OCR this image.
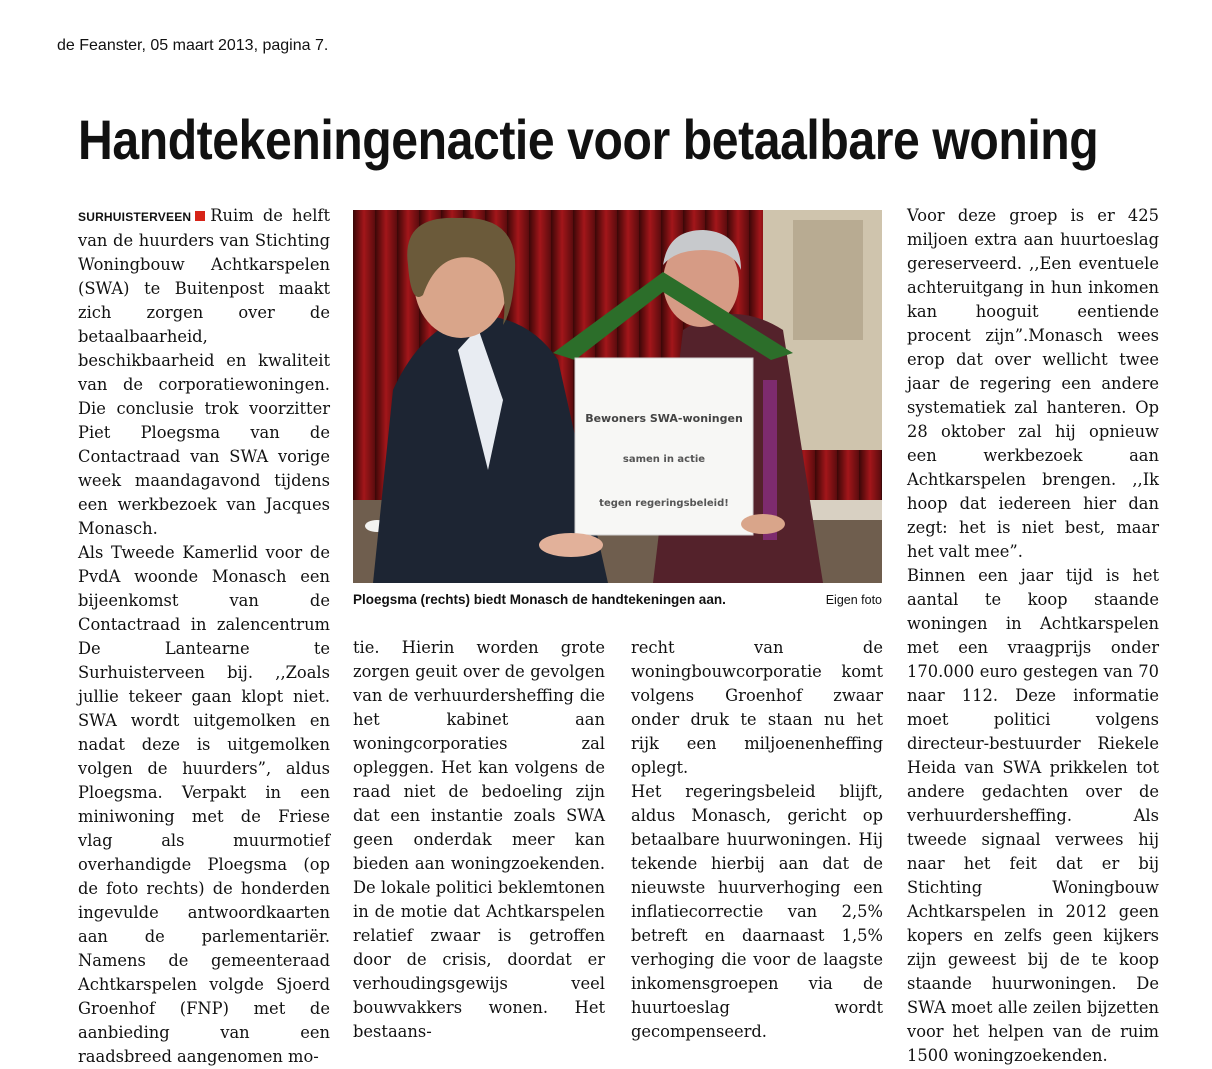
de Feanster, 05 maart 2013, pagina 7.
Handtekeningenactie voor betaalbare woning

SURHUISTERVEEN Ruim de helft van de huurders van Stichting Woningbouw Achtkarspelen (SWA) te Buitenpost maakt zich zorgen over de betaalbaarheid, beschikbaarheid en kwaliteit van de corporatiewoningen. Die conclusie trok voorzitter Piet Ploegsma van de Contactraad van SWA vorige week maandagavond tijdens een werkbezoek van Jacques Monasch.

Als Tweede Kamerlid voor de PvdA woonde Monasch een bijeenkomst van de Contactraad in zalencentrum De Lantearne te Surhuisterveen bij. ,,Zoals jullie tekeer gaan klopt niet. SWA wordt uitgemolken en nadat deze is uitgemolken volgen de huurders”, aldus Ploegsma. Verpakt in een miniwoning met de Friese vlag als muurmotief overhandigde Ploegsma (op de foto rechts) de honderden ingevulde antwoordkaarten aan de parlementariër. Namens de gemeenteraad Achtkarspelen volgde Sjoerd Groenhof (FNP) met de aanbieding van een raadsbreed aangenomen mo-

Bewoners SWA-woningen
samen in actie
tegen regeringsbeleid!
Ploegsma (rechts) biedt Monasch de handtekeningen aan.	Eigen foto

tie. Hierin worden grote zorgen geuit over de gevolgen van de verhuurdersheffing die het kabinet aan woningcorporaties zal opleggen. Het kan volgens de raad niet de bedoeling zijn dat een instantie zoals SWA geen onderdak meer kan bieden aan woningzoekenden. De lokale politici beklemtonen in de motie dat Achtkarspelen relatief zwaar is getroffen door de crisis, doordat er verhoudingsgewijs veel bouwvakkers wonen. Het bestaans-

recht van de woningbouwcorporatie komt volgens Groenhof zwaar onder druk te staan nu het rijk een miljoenenheffing oplegt.

Het regeringsbeleid blijft, aldus Monasch, gericht op betaalbare huurwoningen. Hij tekende hierbij aan dat de nieuwste huurverhoging een inflatiecorrectie van 2,5% betreft en daarnaast 1,5% verhoging die voor de laagste inkomensgroepen via de huurtoeslag wordt gecompenseerd.

Voor deze groep is er 425 miljoen extra aan huurtoeslag gereserveerd. ,,Een eventuele achteruitgang in hun inkomen kan hooguit eentiende procent zijn”.Monasch wees erop dat over wellicht twee jaar de regering een andere systematiek zal hanteren. Op 28 oktober zal hij opnieuw een werkbezoek aan Achtkarspelen brengen. ,,Ik hoop dat iedereen hier dan zegt: het is niet best, maar het valt mee”.

Binnen een jaar tijd is het aantal te koop staande woningen in Achtkarspelen met een vraagprijs onder 170.000 euro gestegen van 70 naar 112. Deze informatie moet politici volgens directeur-bestuurder Riekele Heida van SWA prikkelen tot andere gedachten over de verhuurdersheffing. Als tweede signaal verwees hij naar het feit dat er bij Stichting Woningbouw Achtkarspelen in 2012 geen kopers en zelfs geen kijkers zijn geweest bij de te koop staande huurwoningen. De SWA moet alle zeilen bijzetten voor het helpen van de ruim 1500 woningzoekenden.
